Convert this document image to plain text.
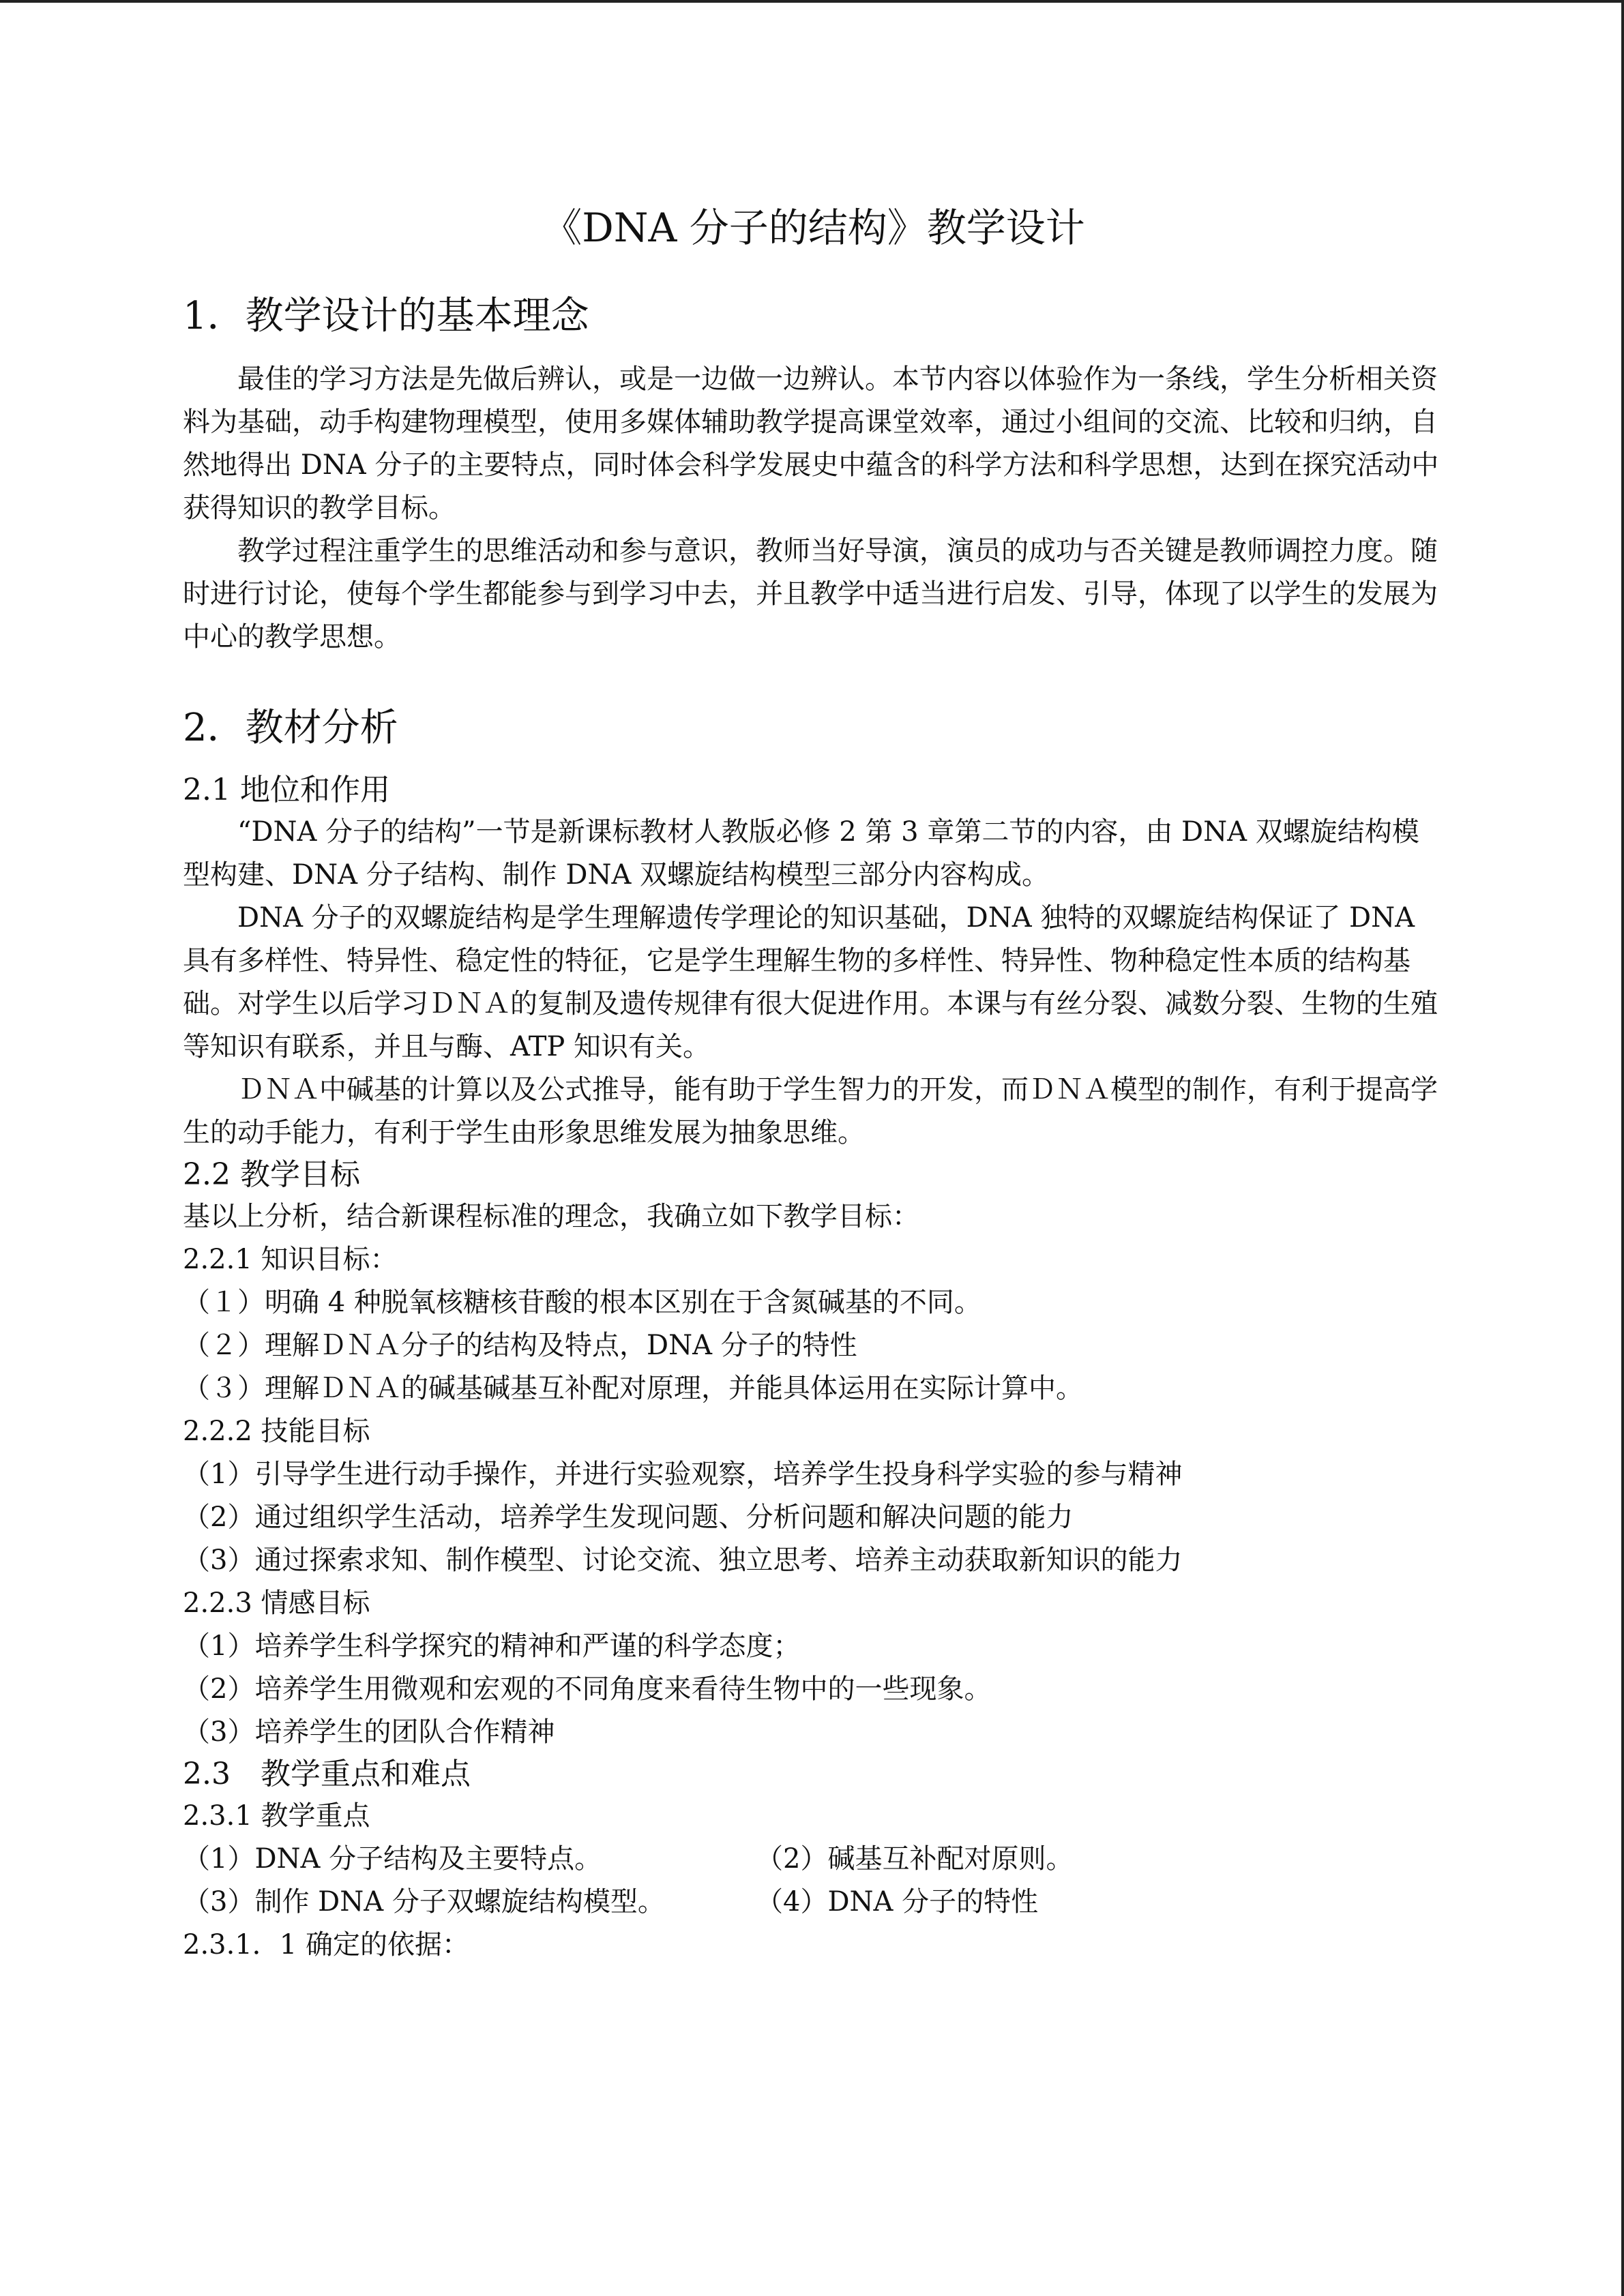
《DNA 分子的结构》教学设计
1．教学设计的基本理念

最佳的学习方法是先做后辨认，或是一边做一边辨认。本节内容以体验作为一条线，学生分析相关资料为基础，动手构建物理模型，使用多媒体辅助教学提高课堂效率，通过小组间的交流、比较和归纳，自然地得出 DNA 分子的主要特点，同时体会科学发展史中蕴含的科学方法和科学思想，达到在探究活动中获得知识的教学目标。

教学过程注重学生的思维活动和参与意识，教师当好导演，演员的成功与否关键是教师调控力度。随时进行讨论，使每个学生都能参与到学习中去，并且教学中适当进行启发、引导，体现了以学生的发展为中心的教学思想。

2．教材分析
2.1 地位和作用

“DNA 分子的结构”一节是新课标教材人教版必修 2 第 3 章第二节的内容，由 DNA 双螺旋结构模型构建、DNA 分子结构、制作 DNA 双螺旋结构模型三部分内容构成。

DNA 分子的双螺旋结构是学生理解遗传学理论的知识基础，DNA 独特的双螺旋结构保证了 DNA 具有多样性、特异性、稳定性的特征，它是学生理解生物的多样性、特异性、物种稳定性本质的结构基础。对学生以后学习ＤＮＡ的复制及遗传规律有很大促进作用。本课与有丝分裂、减数分裂、生物的生殖等知识有联系，并且与酶、ATP 知识有关。

ＤＮＡ中碱基的计算以及公式推导，能有助于学生智力的开发，而ＤＮＡ模型的制作，有利于提高学生的动手能力，有利于学生由形象思维发展为抽象思维。

2.2 教学目标

基以上分析，结合新课程标准的理念，我确立如下教学目标：

2.2.1 知识目标：

（１）明确 4 种脱氧核糖核苷酸的根本区别在于含氮碱基的不同。

（２）理解ＤＮＡ分子的结构及特点，DNA 分子的特性

（３）理解ＤＮＡ的碱基碱基互补配对原理，并能具体运用在实际计算中。

2.2.2 技能目标

（1）引导学生进行动手操作，并进行实验观察，培养学生投身科学实验的参与精神

（2）通过组织学生活动，培养学生发现问题、分析问题和解决问题的能力

（3）通过探索求知、制作模型、讨论交流、独立思考、培养主动获取新知识的能力

2.2.3 情感目标

（1）培养学生科学探究的精神和严谨的科学态度；

（2）培养学生用微观和宏观的不同角度来看待生物中的一些现象。

（3）培养学生的团队合作精神

2.3　教学重点和难点

2.3.1 教学重点

（1）DNA 分子结构及主要特点。	（2）碱基互补配对原则。
（3）制作 DNA 分子双螺旋结构模型。	（4）DNA 分子的特性

2.3.1．1 确定的依据：
